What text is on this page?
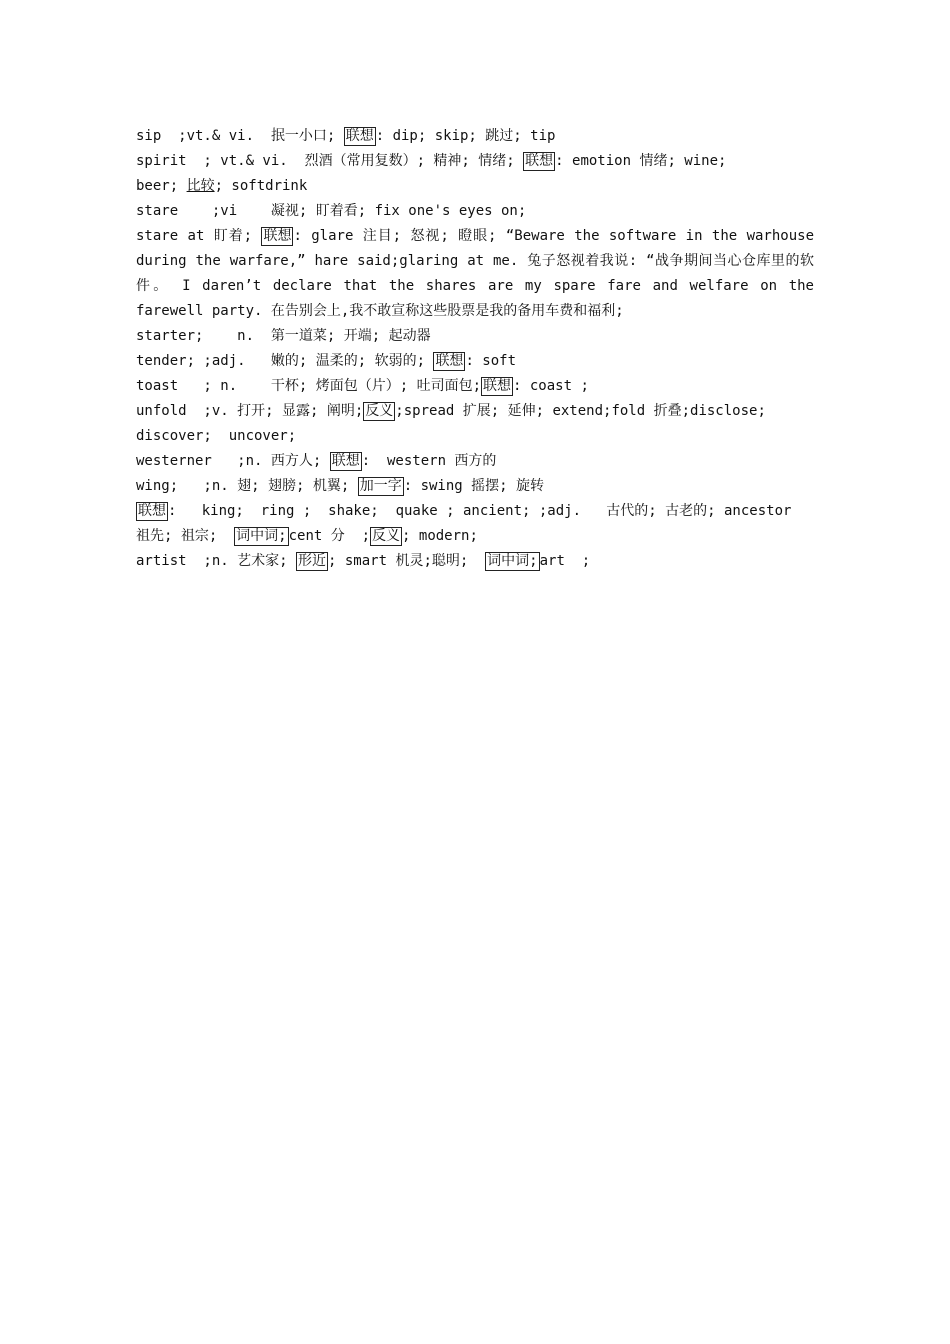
sip  ;vt.& vi.  抿一小口; 联想 : dip; skip; 跳过; tip
spirit  ; vt.& vi.  烈酒（常用复数）; 精神; 情绪; 联想 : emotion 情绪; wine;
beer; 比较; softdrink
stare    ;vi    凝视; 盯着看; fix one's eyes on;
stare at 盯着; 联想 : glare 注目; 怒视; 瞪眼; “Beware the software in the warhouse during the warfare,” hare said;glaring at me. 兔子怒视着我说: “战争期间当心仓库里的软件。 I daren’t declare that the shares are my spare fare and welfare on the farewell party. 在告别会上,我不敢宣称这些股票是我的备用车费和福利;
starter;    n.  第一道菜; 开端; 起动器
tender; ;adj.   嫩的; 温柔的; 软弱的; 联想 : soft
toast   ; n.    干杯; 烤面包（片）; 吐司面包; 联想 : coast ;
unfold  ;v. 打开; 显露; 阐明; 反义 ;spread 扩展; 延伸; extend;fold 折叠;disclose;
discover;  uncover;
westerner   ;n. 西方人; 联想 :  western 西方的
wing;   ;n. 翅; 翅膀; 机翼; 加一字 : swing 摇摆; 旋转
联想 :   king;  ring ;  shake;  quake ; ancient; ;adj.   古代的; 古老的; ancestor
祖先; 祖宗;  词中词; cent 分  ; 反义 ; modern;
artist  ;n. 艺术家; 形近 ; smart 机灵;聪明;  词中词; art  ;
